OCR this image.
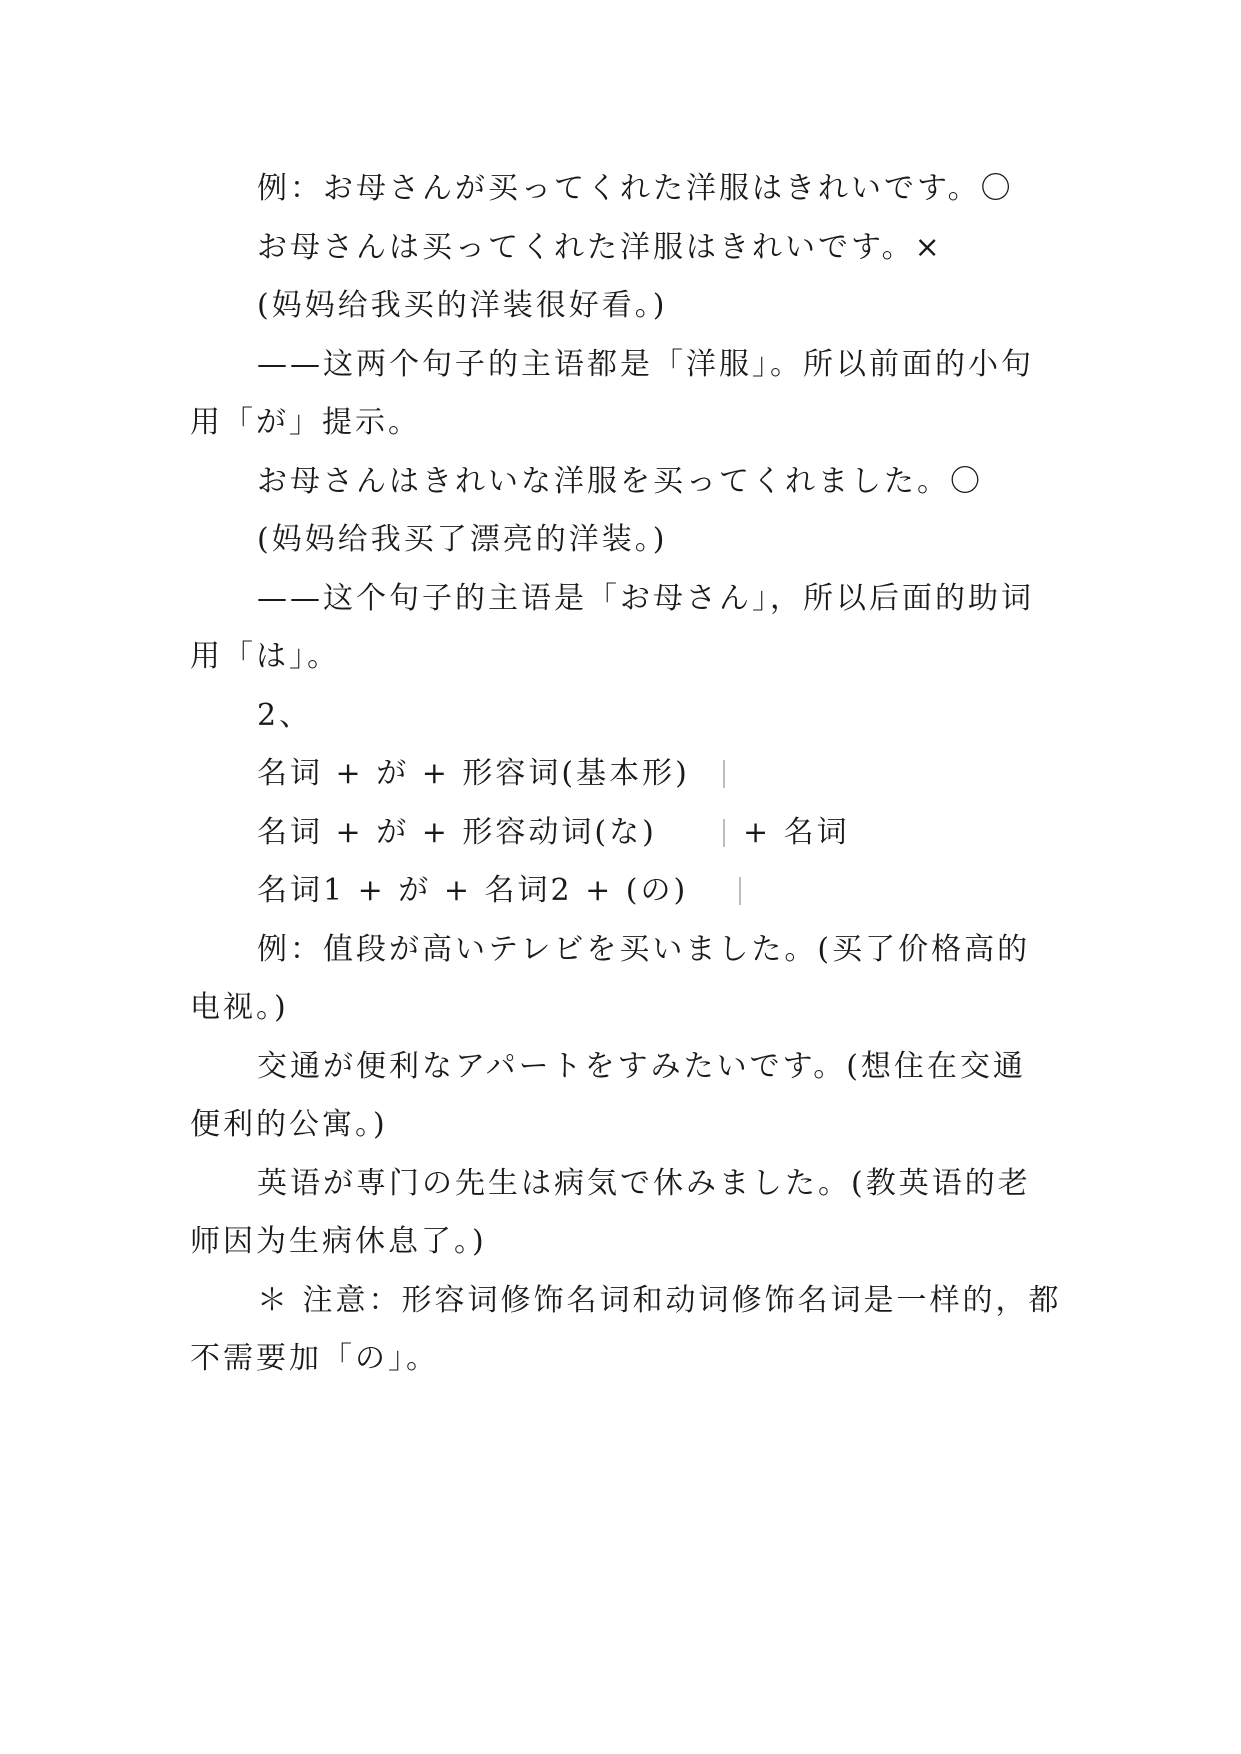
例：お母さんが买ってくれた洋服はきれいです。〇
お母さんは买ってくれた洋服はきれいです。×
(妈妈给我买的洋装很好看。)
——这两个句子的主语都是「洋服」。所以前面的小句
用「が」提示。
お母さんはきれいな洋服を买ってくれました。〇
(妈妈给我买了漂亮的洋装。)
——这个句子的主语是「お母さん」，所以后面的助词
用「は」。
2、
名词 + が + 形容词(基本形)
名词 + が + 形容动词(な)	+ 名词
名词1 + が + 名词2 + (の)
例：值段が高いテレビを买いました。(买了价格高的
电视。)
交通が便利なアパートをすみたいです。(想住在交通
便利的公寓。)
英语が専门の先生は病気で休みました。(教英语的老
师因为生病休息了。)
＊ 注意：形容词修饰名词和动词修饰名词是一样的，都
不需要加「の」。
